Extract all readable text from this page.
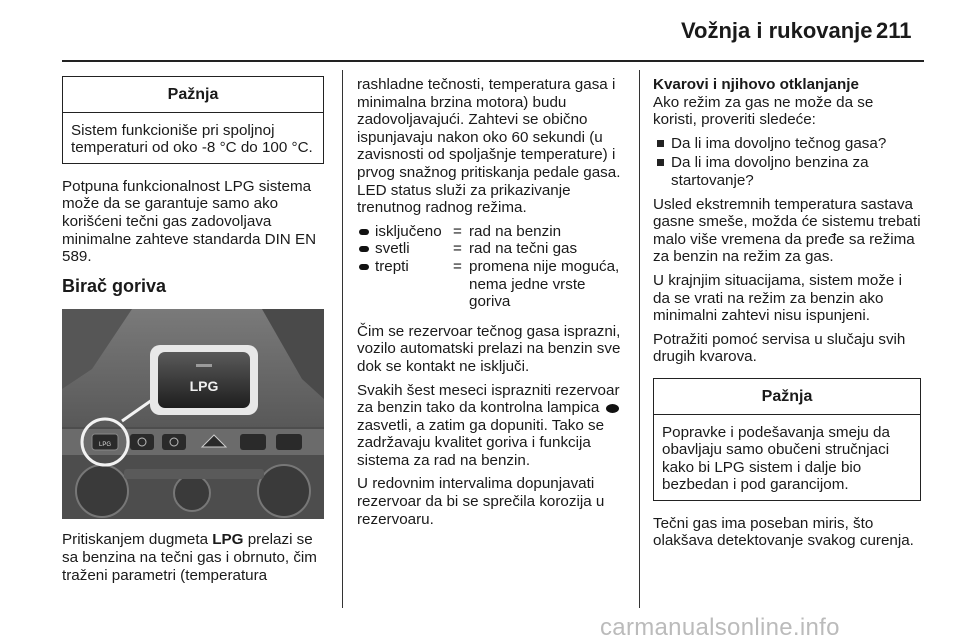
Vožnja i rukovanje 211
Pažnja

Sistem funkcioniše pri spoljnoj temperaturi od oko -8 °C do 100 °C.

Potpuna funkcionalnost LPG sistema može da se garantuje samo ako korišćeni tečni gas zadovoljava minimalne zahteve standarda DIN EN 589.

Birač goriva
LPG
LPG

Pritiskanjem dugmeta LPG prelazi se sa benzina na tečni gas i obrnuto, čim traženi parametri (temperatura

rashladne tečnosti, temperatura gasa i minimalna brzina motora) budu zadovoljavajući. Zahtevi se obično ispunjavaju nakon oko 60 sekundi (u zavisnosti od spoljašnje temperature) i prvog snažnog pritiskanja pedale gasa. LED status služi za prikazivanje trenutnog radnog režima.

isključeno = rad na benzin
svetli	= rad na tečni gas
trepti	= promena nije moguća, nema jedne vrste goriva

Čim se rezervoar tečnog gasa isprazni, vozilo automatski prelazi na benzin sve dok se kontakt ne isključi.

Svakih šest meseci isprazniti rezervoar za benzin tako da kontrolna lampica  zasvetli, a zatim ga dopuniti. Tako se zadržavaju kvalitet goriva i funkcija sistema za rad na benzin.

U redovnim intervalima dopunjavati rezervoar da bi se sprečila korozija u rezervoaru.

Kvarovi i njihovo otklanjanje

Ako režim za gas ne može da se koristi, proveriti sledeće:

Da li ima dovoljno tečnog gasa?
Da li ima dovoljno benzina za startovanje?

Usled ekstremnih temperatura sastava gasne smeše, možda će sistemu trebati malo više vremena da pređe sa režima za benzin na režim za gas.

U krajnjim situacijama, sistem može i da se vrati na režim za benzin ako minimalni zahtevi nisu ispunjeni.

Potražiti pomoć servisa u slučaju svih drugih kvarova.

Pažnja

Popravke i podešavanja smeju da obavljaju samo obučeni stručnjaci kako bi LPG sistem i dalje bio bezbedan i pod garancijom.

Tečni gas ima poseban miris, što olakšava detektovanje svakog curenja.

carmanualsonline.info
